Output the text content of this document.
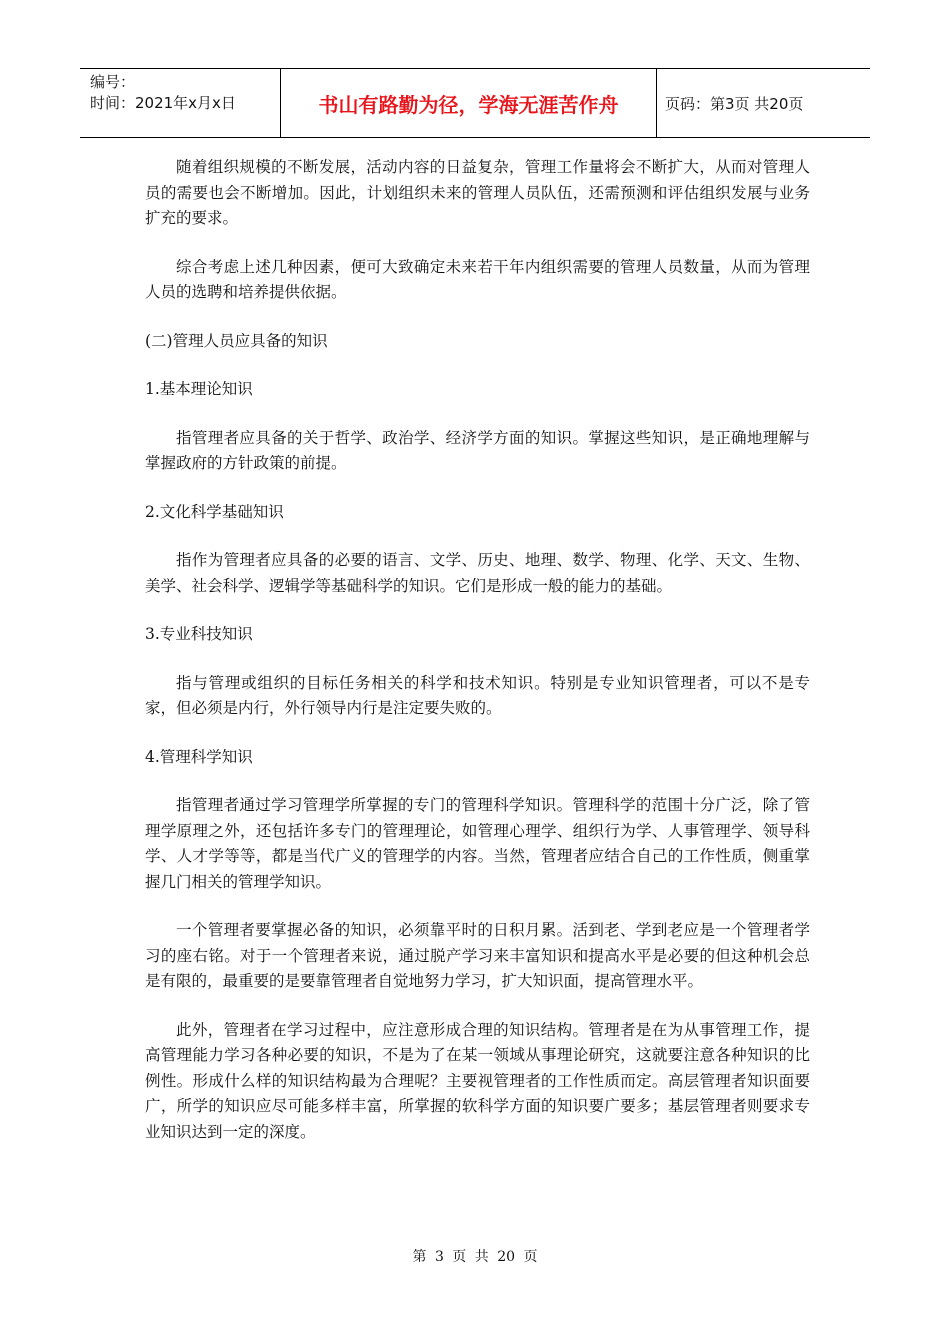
编号：
时间：2021年x月x日	书山有路勤为径，学海无涯苦作舟	页码：第3页 共20页

随着组织规模的不断发展，活动内容的日益复杂，管理工作量将会不断扩大，从而对管理人员的需要也会不断增加。因此，计划组织未来的管理人员队伍，还需预测和评估组织发展与业务扩充的要求。

综合考虑上述几种因素，便可大致确定未来若干年内组织需要的管理人员数量，从而为管理人员的选聘和培养提供依据。

(二)管理人员应具备的知识

1.基本理论知识

指管理者应具备的关于哲学、政治学、经济学方面的知识。掌握这些知识，是正确地理解与掌握政府的方针政策的前提。

2.文化科学基础知识

指作为管理者应具备的必要的语言、文学、历史、地理、数学、物理、化学、天文、生物、美学、社会科学、逻辑学等基础科学的知识。它们是形成一般的能力的基础。

3.专业科技知识

指与管理或组织的目标任务相关的科学和技术知识。特别是专业知识管理者，可以不是专家，但必须是内行，外行领导内行是注定要失败的。

4.管理科学知识

指管理者通过学习管理学所掌握的专门的管理科学知识。管理科学的范围十分广泛，除了管理学原理之外，还包括许多专门的管理理论，如管理心理学、组织行为学、人事管理学、领导科学、人才学等等，都是当代广义的管理学的内容。当然，管理者应结合自己的工作性质，侧重掌握几门相关的管理学知识。

一个管理者要掌握必备的知识，必须靠平时的日积月累。活到老、学到老应是一个管理者学习的座右铭。对于一个管理者来说，通过脱产学习来丰富知识和提高水平是必要的但这种机会总是有限的，最重要的是要靠管理者自觉地努力学习，扩大知识面，提高管理水平。

此外，管理者在学习过程中，应注意形成合理的知识结构。管理者是在为从事管理工作，提高管理能力学习各种必要的知识，不是为了在某一领域从事理论研究，这就要注意各种知识的比例性。形成什么样的知识结构最为合理呢？主要视管理者的工作性质而定。高层管理者知识面要广，所学的知识应尽可能多样丰富，所掌握的软科学方面的知识要广要多；基层管理者则要求专业知识达到一定的深度。

第 3 页 共 20 页
